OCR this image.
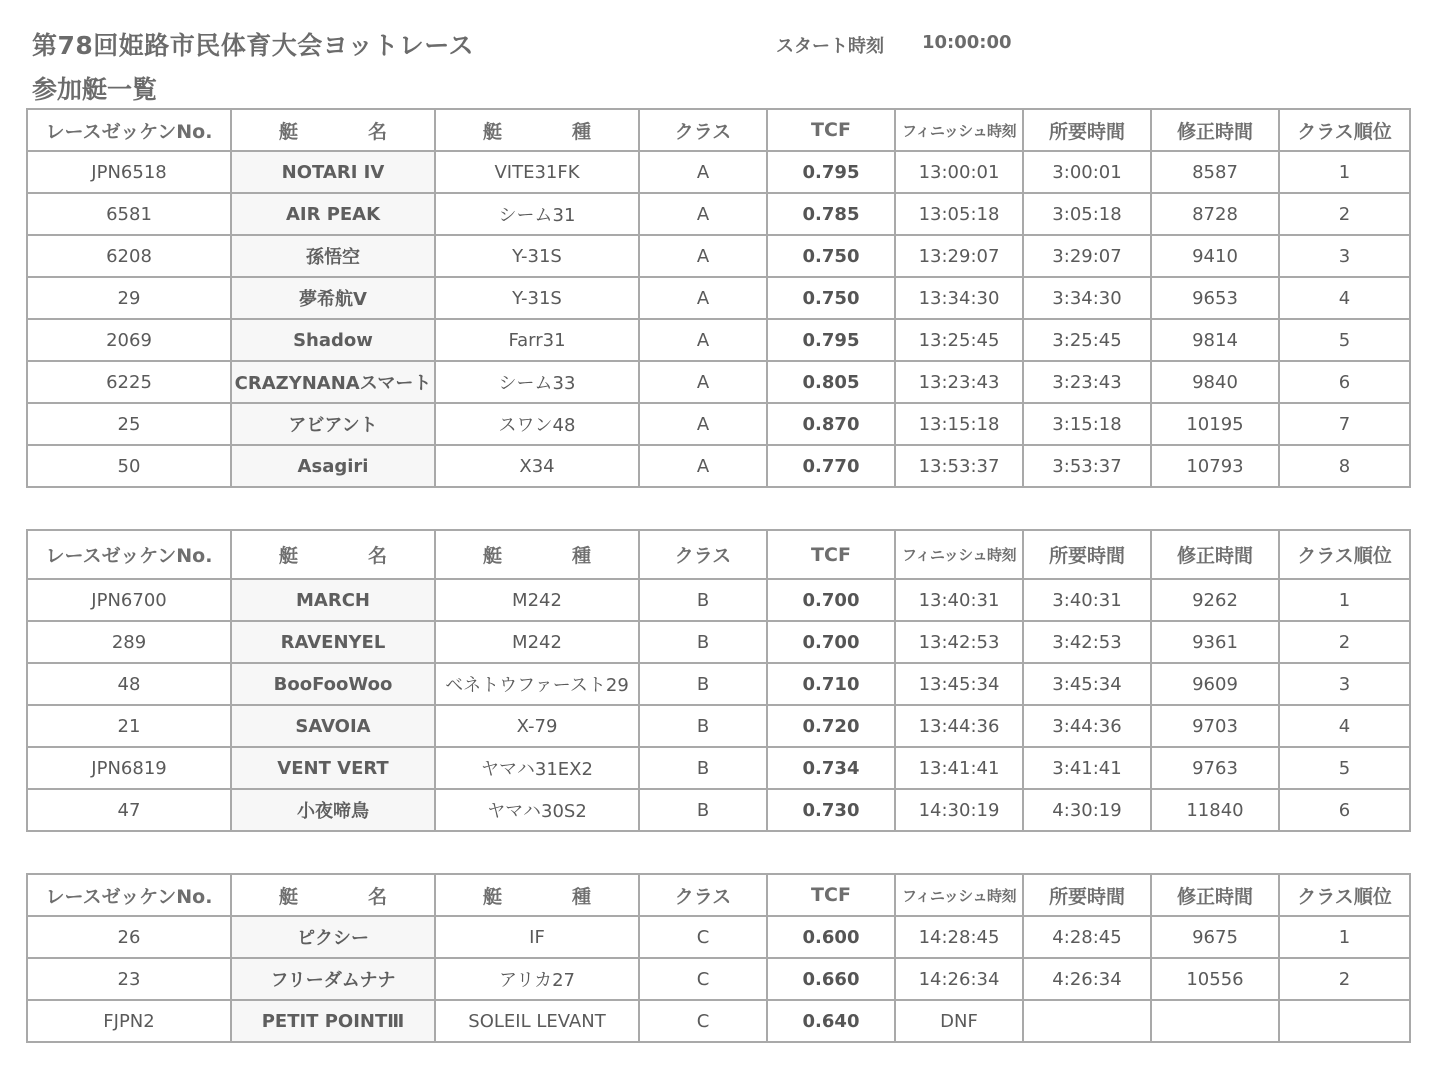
第78回姫路市民体育大会ヨットレース
参加艇一覧
スタート時刻 10:00:00
レースゼッケンNo.	艇 名	艇 種	クラス	TCF	フィニッシュ時刻	所要時間	修正時間	クラス順位
JPN6518	NOTARI IV	VITE31FK	A	0.795	13:00:01	3:00:01	8587	1
6581	AIR PEAK	シーム31	A	0.785	13:05:18	3:05:18	8728	2
6208	孫悟空	Y-31S	A	0.750	13:29:07	3:29:07	9410	3
29	夢希航Ⅴ	Y-31S	A	0.750	13:34:30	3:34:30	9653	4
2069	Shadow	Farr31	A	0.795	13:25:45	3:25:45	9814	5
6225	CRAZYNANAスマート	シーム33	A	0.805	13:23:43	3:23:43	9840	6
25	アビアント	スワン48	A	0.870	13:15:18	3:15:18	10195	7
50	Asagiri	X34	A	0.770	13:53:37	3:53:37	10793	8
レースゼッケンNo.	艇 名	艇 種	クラス	TCF	フィニッシュ時刻	所要時間	修正時間	クラス順位
JPN6700	MARCH	M242	B	0.700	13:40:31	3:40:31	9262	1
289	RAVENYEL	M242	B	0.700	13:42:53	3:42:53	9361	2
48	BooFooWoo	ベネトウファースト29	B	0.710	13:45:34	3:45:34	9609	3
21	SAVOIA	X-79	B	0.720	13:44:36	3:44:36	9703	4
JPN6819	VENT VERT	ヤマハ31EX2	B	0.734	13:41:41	3:41:41	9763	5
47	小夜啼鳥	ヤマハ30S2	B	0.730	14:30:19	4:30:19	11840	6
レースゼッケンNo.	艇 名	艇 種	クラス	TCF	フィニッシュ時刻	所要時間	修正時間	クラス順位
26	ピクシー	IF	C	0.600	14:28:45	4:28:45	9675	1
23	フリーダムナナ	アリカ27	C	0.660	14:26:34	4:26:34	10556	2
FJPN2	PETIT POINTⅢ	SOLEIL LEVANT	C	0.640	DNF			
